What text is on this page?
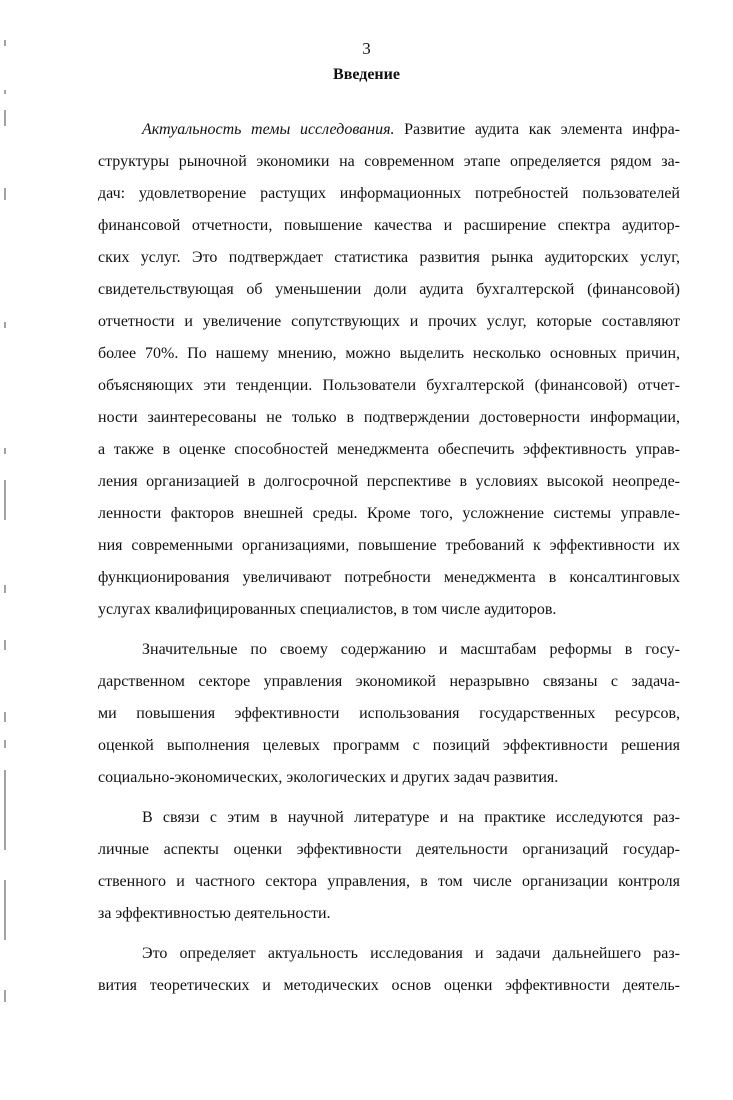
3
Введение
Актуальность темы исследования. Развитие аудита как элемента инфра-
структуры рыночной экономики на современном этапе определяется рядом за-
дач: удовлетворение растущих информационных потребностей пользователей
финансовой отчетности, повышение качества и расширение спектра аудитор-
ских услуг. Это подтверждает статистика развития рынка аудиторских услуг,
свидетельствующая об уменьшении доли аудита бухгалтерской (финансовой)
отчетности и увеличение сопутствующих и прочих услуг, которые составляют
более 70%. По нашему мнению, можно выделить несколько основных причин,
объясняющих эти тенденции. Пользователи бухгалтерской (финансовой) отчет-
ности заинтересованы не только в подтверждении достоверности информации,
а также в оценке способностей менеджмента обеспечить эффективность управ-
ления организацией в долгосрочной перспективе в условиях высокой неопреде-
ленности факторов внешней среды. Кроме того, усложнение системы управле-
ния современными организациями, повышение требований к эффективности их
функционирования увеличивают потребности менеджмента в консалтинговых
услугах квалифицированных специалистов, в том числе аудиторов.
Значительные по своему содержанию и масштабам реформы в госу-
дарственном секторе управления экономикой неразрывно связаны с задача-
ми повышения эффективности использования государственных ресурсов,
оценкой выполнения целевых программ с позиций эффективности решения
социально-экономических, экологических и других задач развития.
В связи с этим в научной литературе и на практике исследуются раз-
личные аспекты оценки эффективности деятельности организаций государ-
ственного и частного сектора управления, в том числе организации контроля
за эффективностью деятельности.
Это определяет актуальность исследования и задачи дальнейшего раз-
вития теоретических и методических основ оценки эффективности деятель-
